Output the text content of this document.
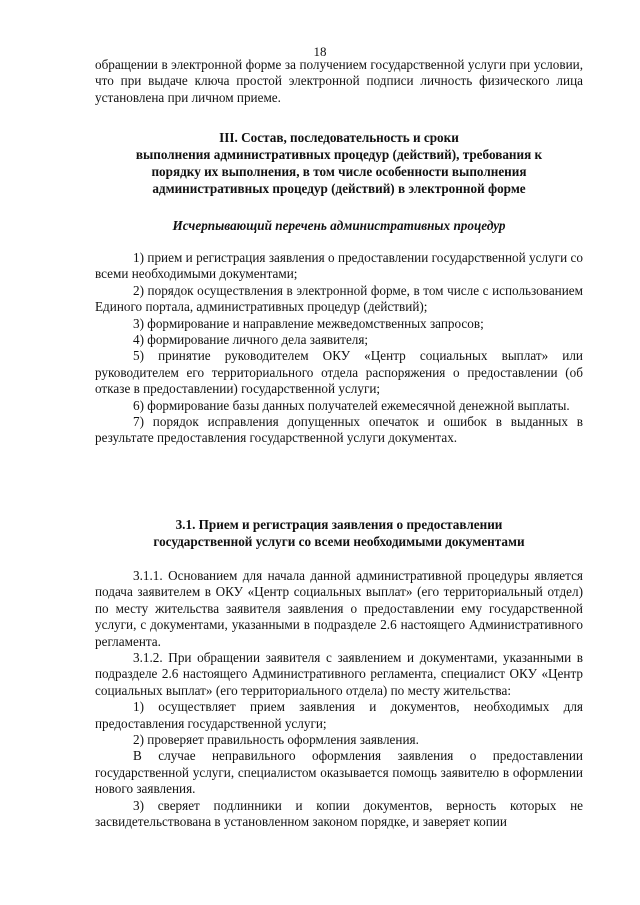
18

обращении в электронной форме за получением государственной услуги при условии, что при выдаче ключа простой электронной подписи личность физического лица установлена при личном приеме.

III. Состав, последовательность и сроки

выполнения административных процедур (действий), требования к

порядку их выполнения, в том числе особенности выполнения

административных процедур (действий) в электронной форме

Исчерпывающий перечень административных процедур

1) прием и регистрация заявления о предоставлении государственной услуги со всеми необходимыми документами;

2) порядок осуществления в электронной форме, в том числе с использованием Единого портала, административных процедур (действий);

3) формирование и направление межведомственных запросов;

4) формирование личного дела заявителя;

5) принятие руководителем ОКУ «Центр социальных выплат» или руководителем его территориального отдела распоряжения о предоставлении (об отказе в предоставлении) государственной услуги;

6) формирование базы данных получателей ежемесячной денежной выплаты.

7) порядок исправления допущенных опечаток и ошибок в выданных в результате предоставления государственной услуги документах.

3.1. Прием и регистрация заявления о предоставлении

государственной услуги со всеми необходимыми документами

3.1.1. Основанием для начала данной административной процедуры является подача заявителем в ОКУ «Центр социальных выплат» (его территориальный отдел) по месту жительства заявителя заявления о предоставлении ему государственной услуги, с документами, указанными в подразделе 2.6 настоящего Административного регламента.

3.1.2. При обращении заявителя с заявлением и документами, указанными в подразделе 2.6 настоящего Административного регламента, специалист ОКУ «Центр социальных выплат» (его территориального отдела) по месту жительства:

1) осуществляет прием заявления и документов, необходимых для предоставления государственной услуги;

2) проверяет правильность оформления заявления.

В случае неправильного оформления заявления о предоставлении государственной услуги, специалистом оказывается помощь заявителю в оформлении нового заявления.

3) сверяет подлинники и копии документов, верность которых не засвидетельствована в установленном законом порядке, и заверяет копии
